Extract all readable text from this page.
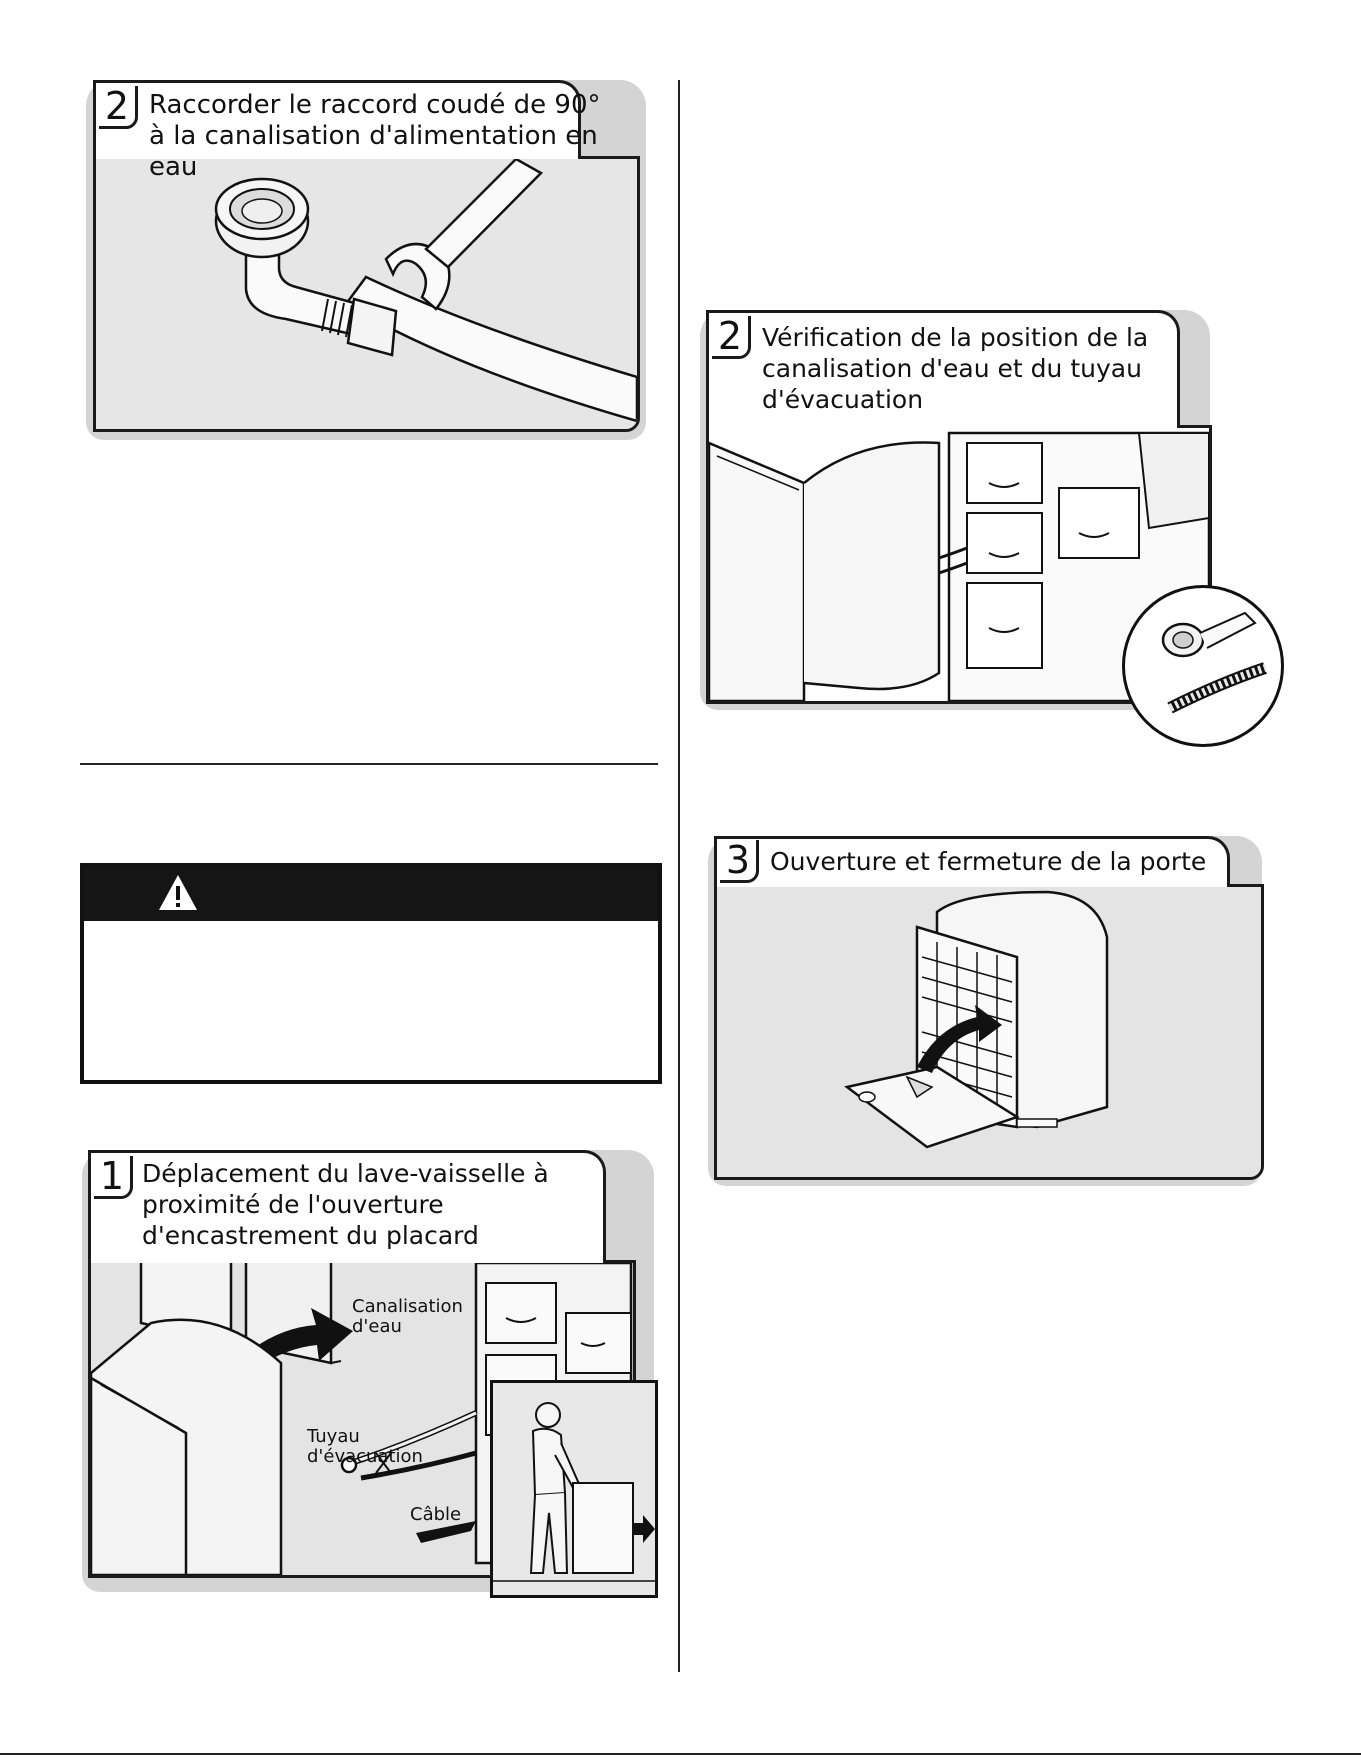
2 Raccorder le raccord coudé de 90°
à la canalisation d'alimentation en eau
1 Déplacement du lave-vaisselle à
proximité de l'ouverture
d'encastrement du placard
Canalisation
d'eau
Tuyau
d'évacuation
Câble
2 Vérification de la position de la
canalisation d'eau et du tuyau
d'évacuation
3 Ouverture et fermeture de la porte
